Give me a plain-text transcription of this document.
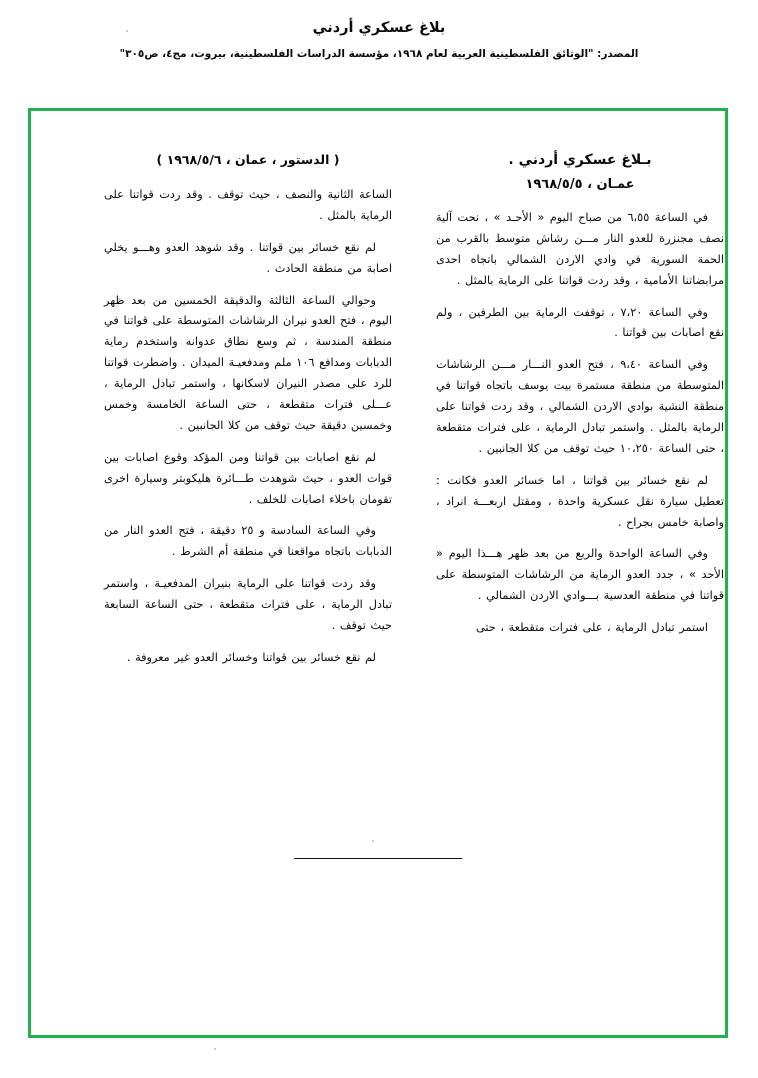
بلاغ عسكري أردني
المصدر: "الوثائق الفلسطينية العربية لعام ١٩٦٨، مؤسسة الدراسات الفلسطينية، بيروت، مج٤، ص٣٠٥"
بـلاغ عسكري أردني .
عمـان ، ١٩٦٨/٥/٥

في الساعة ٦،٥٥ من صباح اليوم « الأحـد » ، نحت آلية نصف مجنزرة للعدو النار مـــن رشاش متوسط بالقرب من الحمة السورية في وادي الاردن الشمالي باتجاه احدى مرابضاتنا الأمامية ، وقد ردت قواتنا على الرماية بالمثل .

وفي الساعة ٧،٢٠ ، توقفت الرماية بين الطرفين ، ولم نقع اصابات بين قواتنا .

وفي الساعة ٩،٤٠ ، فتح العدو النـــار مـــن الرشاشات المتوسطة من منطقة مستمرة بيت يوسف باتجاه قواتنا في منطقة النشية بوادي الاردن الشمالي ، وقد ردت قواتنا على الرماية بالمثل . واستمر تبادل الرماية ، على فترات متقطعة ، حتى الساعة ١٠،٢٥٠ حيث توقف من كلا الجانبين .

لم نقع خسائر بين قواتنا ، اما خسائر العدو فكانت : تعطيل سيارة نقل عسكرية واحدة ، ومقتل اربعـــة انراد ، واصابة خامس بجراح .

وفي الساعة الواحدة والربع من بعد ظهر هـــذا اليوم « الأحد » ، جدد العدو الرماية من الرشاشات المتوسطة على قواتنا في منطقة العدسية بـــوادي الاردن الشمالي .

استمر تبادل الرماية ، على فترات متقطعة ، حتى

( الدستور ، عمان ، ١٩٦٨/٥/٦ )

الساعة الثانية والنصف ، حيث توقف . وقد ردت قواتنا على الرماية بالمثل .

لم نقع خسائر بين قواتنا . وقد شوهد العدو وهـــو يخلي اصابة من منطقة الحادث .

وحوالي الساعة الثالثة والدقيقة الخمسين من بعد ظهر اليوم ، فتح العدو نيران الرشاشات المتوسطة على قواتنا في منطقة المندسة ، ثم وسع نطاق عدوانه واستخدم رماية الدبابات ومدافع ١٠٦ ملم ومدفعيـة الميدان . واضطرت قواتنا للرد على مصدر النيران لاسكانها ، واستمر تبادل الرماية ، عـــلى فترات متقطعة ، حتى الساعة الخامسة وخمس وخمسين دقيقة حيث توقف من كلا الجانبين .

لم نقع اصابات بين قواتنا ومن المؤكد وقوع اصابات بين قوات العدو ، حيث شوهدت طـــائرة هليكوبتر وسيارة اخرى تقومان باخلاء اصابات للخلف .

وفي الساعة السادسة و ٢٥ دقيقة ، فتح العدو النار من الدبابات باتجاه مواقعنا في منطقة أم الشرط .

وقد ردت قواتنا على الرماية بنيران المدفعيـة ، واستمر تبادل الرماية ، على فترات متقطعة ، حتى الساعة السابعة حيث توقف .

لم نقع خسائر بين قواتنا وخسائر العدو غير معروفة .
